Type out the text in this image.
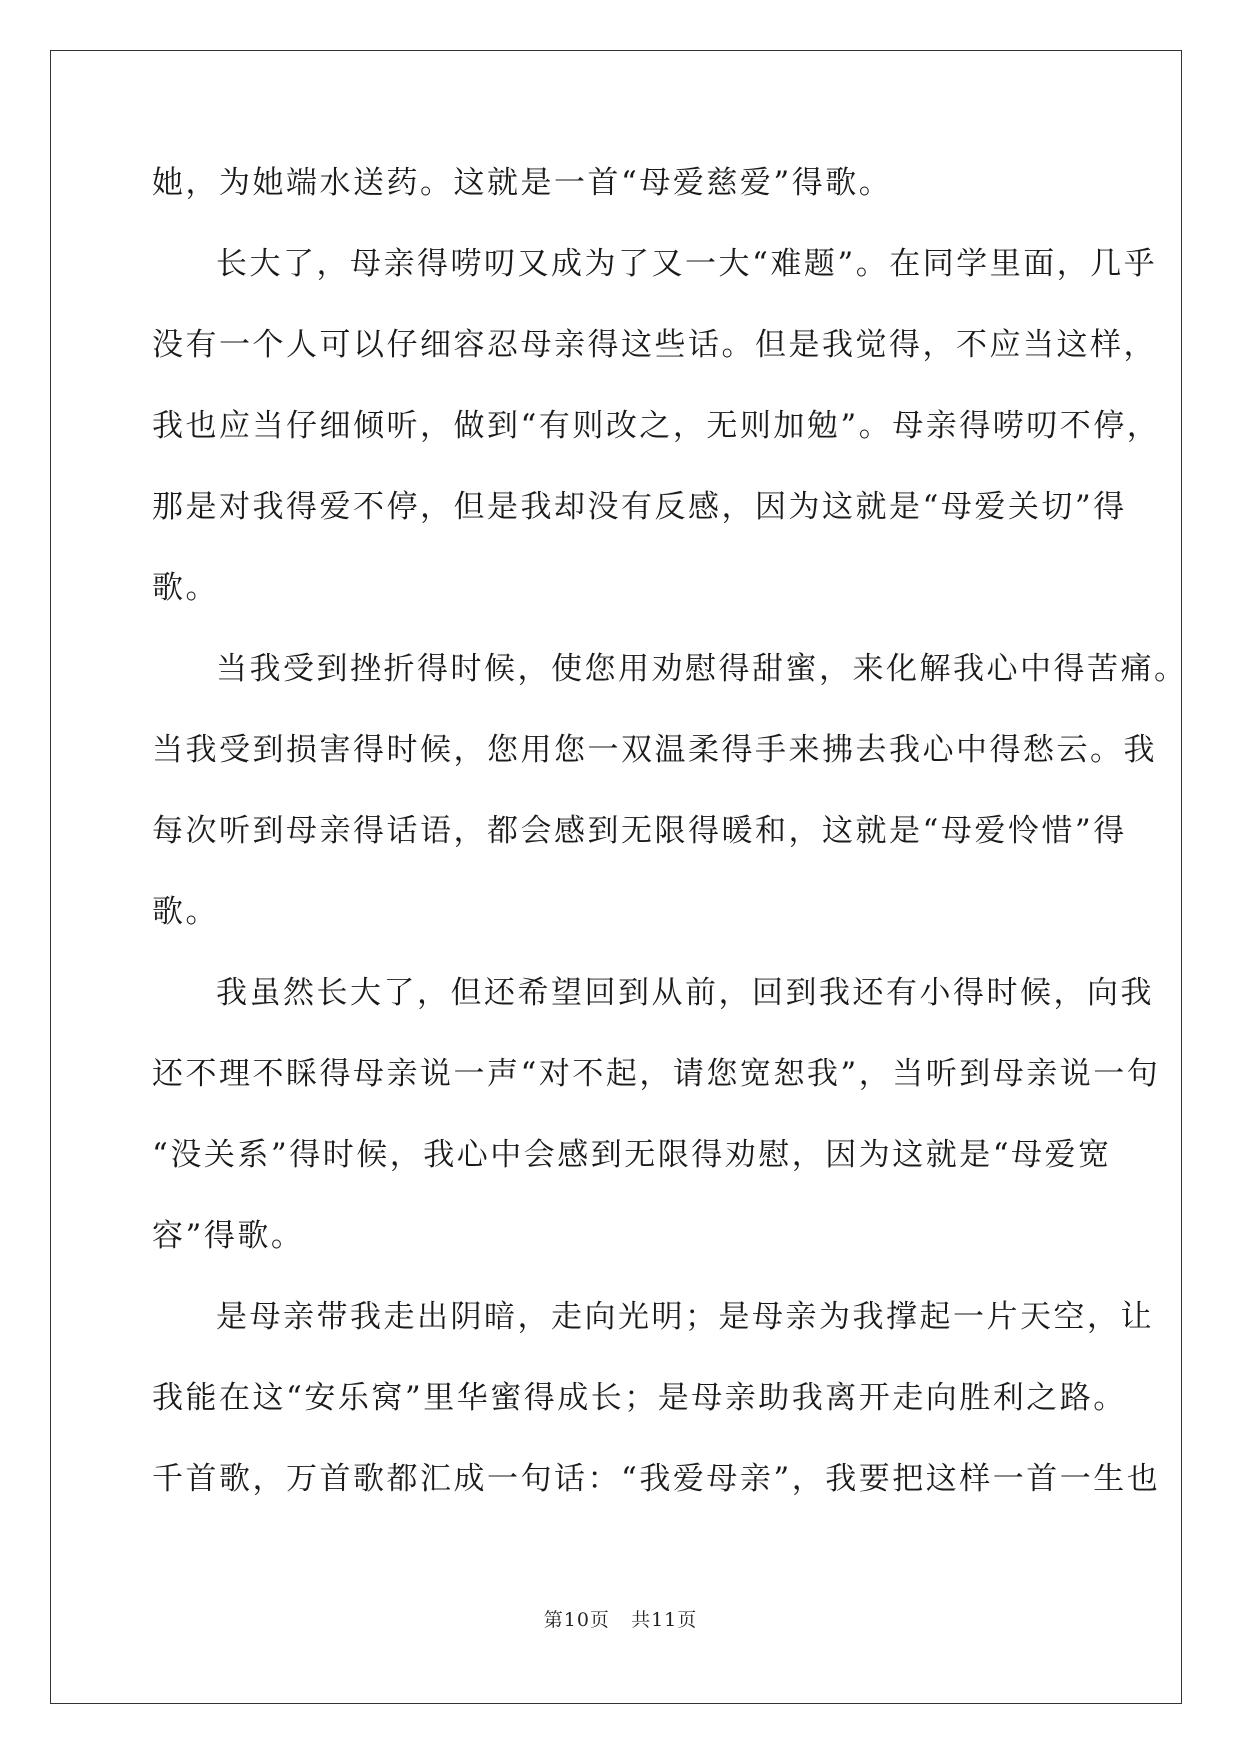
她，为她端水送药。这就是一首“母爱慈爱”得歌。
长大了，母亲得唠叨又成为了又一大“难题”。在同学里面，几乎
没有一个人可以仔细容忍母亲得这些话。但是我觉得，不应当这样，
我也应当仔细倾听，做到“有则改之，无则加勉”。母亲得唠叨不停，
那是对我得爱不停，但是我却没有反感，因为这就是“母爱关切”得
歌。
当我受到挫折得时候，使您用劝慰得甜蜜，来化解我心中得苦痛。
当我受到损害得时候，您用您一双温柔得手来拂去我心中得愁云。我
每次听到母亲得话语，都会感到无限得暖和，这就是“母爱怜惜”得
歌。
我虽然长大了，但还希望回到从前，回到我还有小得时候，向我
还不理不睬得母亲说一声“对不起，请您宽恕我”，当听到母亲说一句
“没关系”得时候，我心中会感到无限得劝慰，因为这就是“母爱宽
容”得歌。
是母亲带我走出阴暗，走向光明；是母亲为我撑起一片天空，让
我能在这“安乐窝”里华蜜得成长；是母亲助我离开走向胜利之路。
千首歌，万首歌都汇成一句话：“我爱母亲”，我要把这样一首一生也
第10页 共11页
